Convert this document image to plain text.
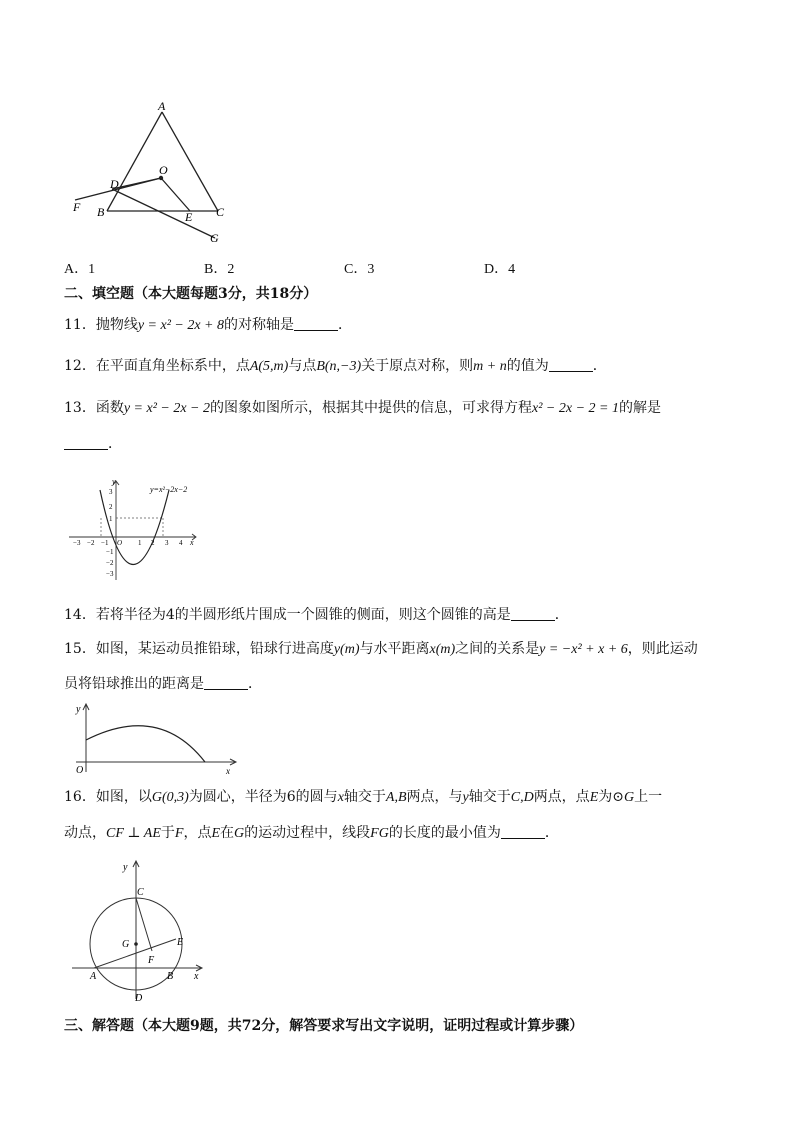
A
O
D
F B	E C
G
A．1	B．2	C．3	D．4
二、填空题（本大题每题3分，共18分）
11．抛物线y = x² − 2x + 8的对称轴是	．
12．在平面直角坐标系中，点A(5,m)与点B(n,−3)关于原点对称，则m + n的值为	．
13．函数y = x² − 2x − 2的图象如图所示，根据其中提供的信息，可求得方程x² − 2x − 2 = 1的解是
．
y=x²−2x−2
y
x
−3 −2 −1 O 1 2 3 4
3
2
1
−1
−2
−3
14．若将半径为4的半圆形纸片围成一个圆锥的侧面，则这个圆锥的高是	．
15．如图，某运动员推铅球，铅球行进高度y(m)与水平距离x(m)之间的关系是y = −x² + x + 6，则此运动
员将铅球推出的距离是	．
y
O	x
16．如图，以G(0,3)为圆心，半径为6的圆与x轴交于A,B两点，与y轴交于C,D两点，点E为⊙G上一
动点，CF ⊥ AE于F，点E在G的运动过程中，线段FG的长度的最小值为	．
y
C
G	E
F
A	B x
D
三、解答题（本大题9题，共72分，解答要求写出文字说明，证明过程或计算步骤）
